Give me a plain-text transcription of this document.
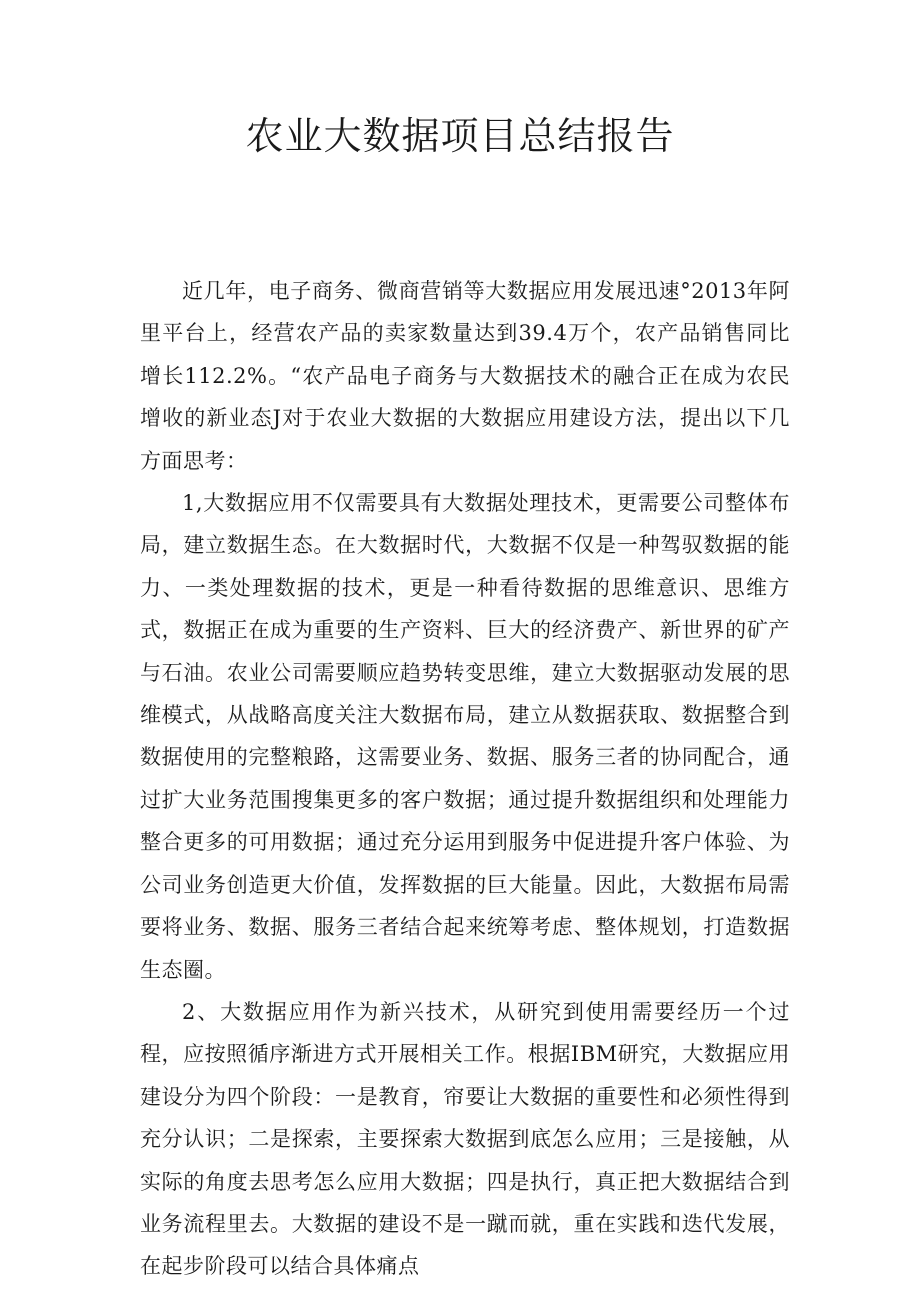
农业大数据项目总结报告

近几年，电子商务、微商营销等大数据应用发展迅速°2013年阿里平台上，经营农产品的卖家数量达到39.4万个，农产品销售同比增长112.2%。“农产品电子商务与大数据技术的融合正在成为农民增收的新业态J对于农业大数据的大数据应用建设方法，提出以下几方面思考：

1,大数据应用不仅需要具有大数据处理技术，更需要公司整体布局，建立数据生态。在大数据时代，大数据不仅是一种驾驭数据的能力、一类处理数据的技术，更是一种看待数据的思维意识、思维方式，数据正在成为重要的生产资料、巨大的经济费产、新世界的矿产与石油。农业公司需要顺应趋势转变思维，建立大数据驱动发展的思维模式，从战略高度关注大数据布局，建立从数据获取、数据整合到数据使用的完整粮路，这需要业务、数据、服务三者的协同配合，通过扩大业务范围搜集更多的客户数据；通过提升数据组织和处理能力整合更多的可用数据；通过充分运用到服务中促进提升客户体验、为公司业务创造更大价值，发挥数据的巨大能量。因此，大数据布局需要将业务、数据、服务三者结合起来统筹考虑、整体规划，打造数据生态圈。

2、大数据应用作为新兴技术，从研究到使用需要经历一个过程，应按照循序渐进方式开展相关工作。根据IBM研究，大数据应用建设分为四个阶段：一是教育，帘要让大数据的重要性和必须性得到充分认识；二是探索，主要探索大数据到底怎么应用；三是接触，从实际的角度去思考怎么应用大数据；四是执行，真正把大数据结合到业务流程里去。大数据的建设不是一蹴而就，重在实践和迭代发展，在起步阶段可以结合具体痛点
